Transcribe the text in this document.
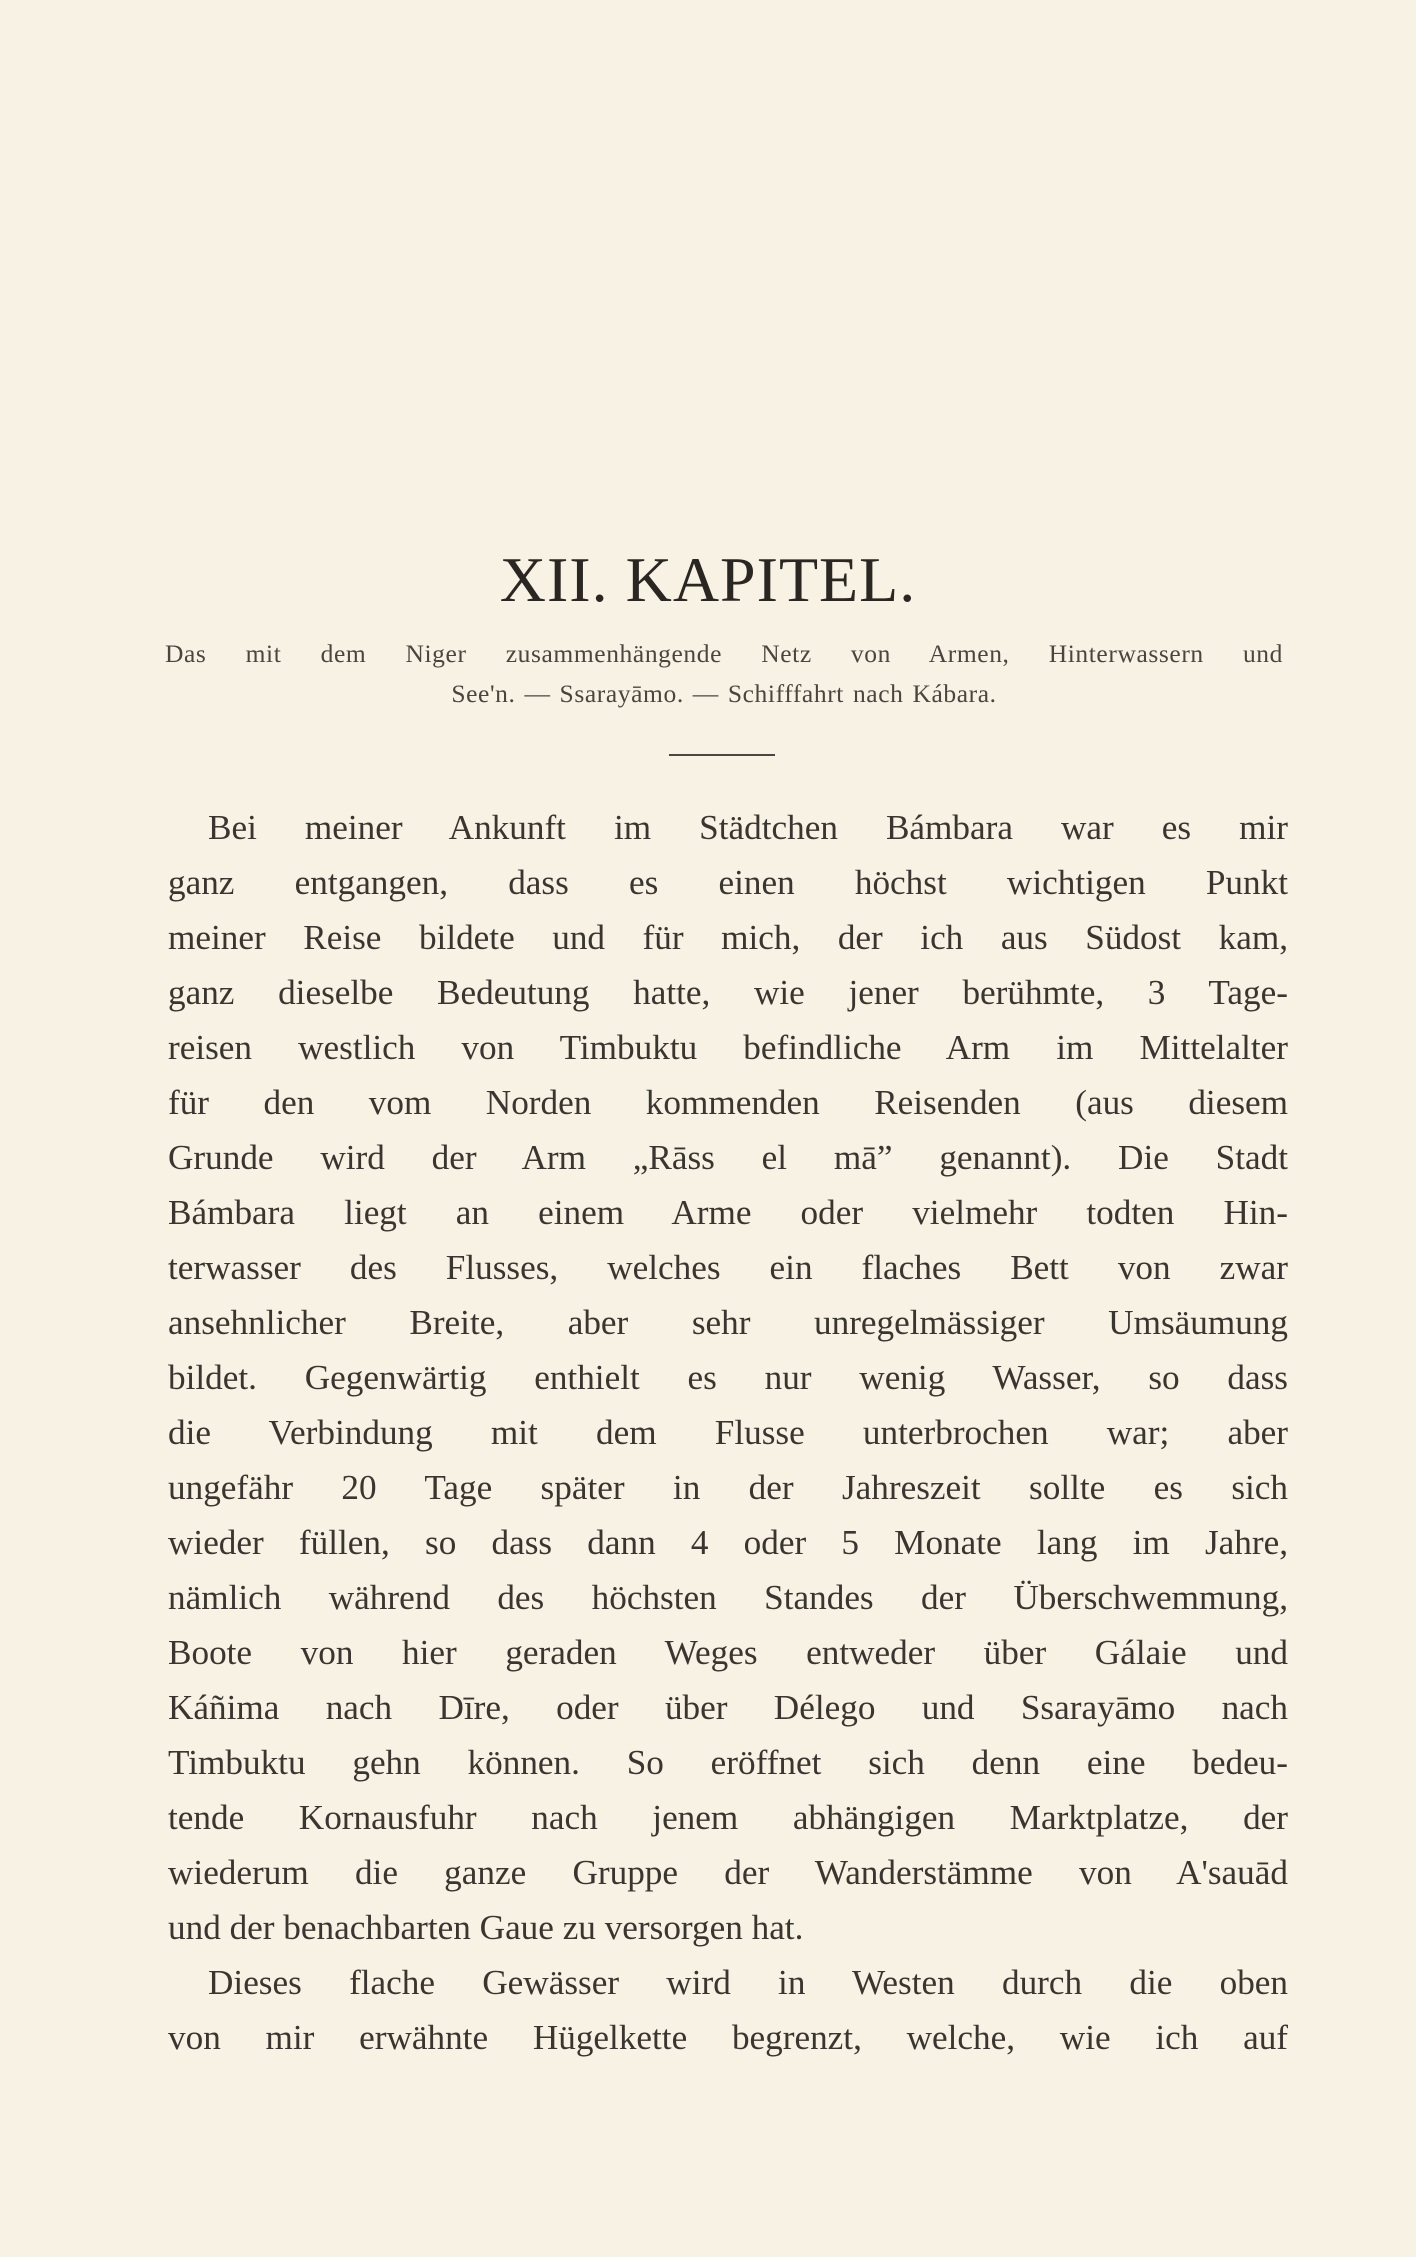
XII. KAPITEL.
Das mit dem Niger zusammenhängende Netz von Armen, Hinterwassern und
See'n. — Ssarayāmo. — Schifffahrt nach Kábara.
Bei meiner Ankunft im Städtchen Bámbara war es mir
ganz entgangen, dass es einen höchst wichtigen Punkt
meiner Reise bildete und für mich, der ich aus Südost kam,
ganz dieselbe Bedeutung hatte, wie jener berühmte, 3 Tage-
reisen westlich von Timbuktu befindliche Arm im Mittelalter
für den vom Norden kommenden Reisenden (aus diesem
Grunde wird der Arm „Rāss el mā” genannt). Die Stadt
Bámbara liegt an einem Arme oder vielmehr todten Hin-
terwasser des Flusses, welches ein flaches Bett von zwar
ansehnlicher Breite, aber sehr unregelmässiger Umsäumung
bildet. Gegenwärtig enthielt es nur wenig Wasser, so dass
die Verbindung mit dem Flusse unterbrochen war; aber
ungefähr 20 Tage später in der Jahreszeit sollte es sich
wieder füllen, so dass dann 4 oder 5 Monate lang im Jahre,
nämlich während des höchsten Standes der Überschwemmung,
Boote von hier geraden Weges entweder über Gálaie und
Káñima nach Dīre, oder über Délego und Ssarayāmo nach
Timbuktu gehn können. So eröffnet sich denn eine bedeu-
tende Kornausfuhr nach jenem abhängigen Marktplatze, der
wiederum die ganze Gruppe der Wanderstämme von A'sauād
und der benachbarten Gaue zu versorgen hat.
Dieses flache Gewässer wird in Westen durch die oben
von mir erwähnte Hügelkette begrenzt, welche, wie ich auf
